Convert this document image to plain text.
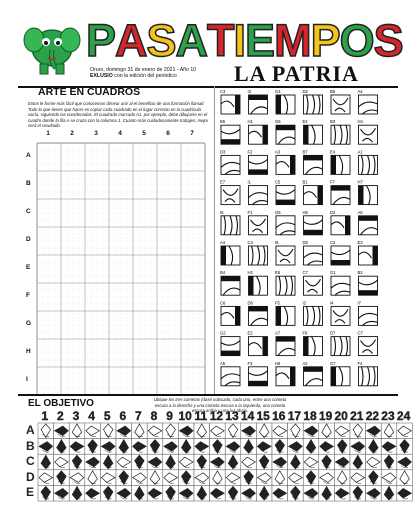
P A S A T I E M P O S
Oruro, domingo 31 de enero de 2021 - Año 10
EXLUSIO con la edición del periódico	LA PATRIA
ARTE EN CUADROS
Estos le forme más fácil que conocemos dirnear unir al el beneficio de una formación llamail. Todo lo que tienes que hacer es copiar cada cuadrado en el lugar correcto en la cuadrícula vacía, siguiendo las coordenadas. El cuadrado marcado A1, por ejemplo, debe dibujarse en el cuadro donde la fila A se cruza con la columna 1. Cuanto más cuidadosamente trabajes, mejor será el resultado.
1	2	3	4	5	6	7
A
B
C
D
E
F
G
H
I
C3	I3	G4	D2	B5	A4
B6	H1	G6	E4	B3	H4
D3	F2	A3	B7	E4	A1
E7	I1	C5	B1	F7	H7
I6	F1	G5	H5	D2	A6
A4	C4	I5	D5	C2	E3
B4	H2	E6	C7	G1	B2
C6	D6	F5	I2	I4	I7
G2	E2	A7	F6	D7	C7
A5	F3	H6	A2	G7	F4
EL OBJETIVO	Ubique los tres cometas (dasé colocado, cada uno, entre una cometa escura a la derecha y una cometa escura a la izquierda, una cometa escura arriba y una luz abajo.
1 2 3 4 5 6 7 8 9 10 11 12 13 14 15 16 17 18 19 20 21 22 23 24
A
B
C
D
E
